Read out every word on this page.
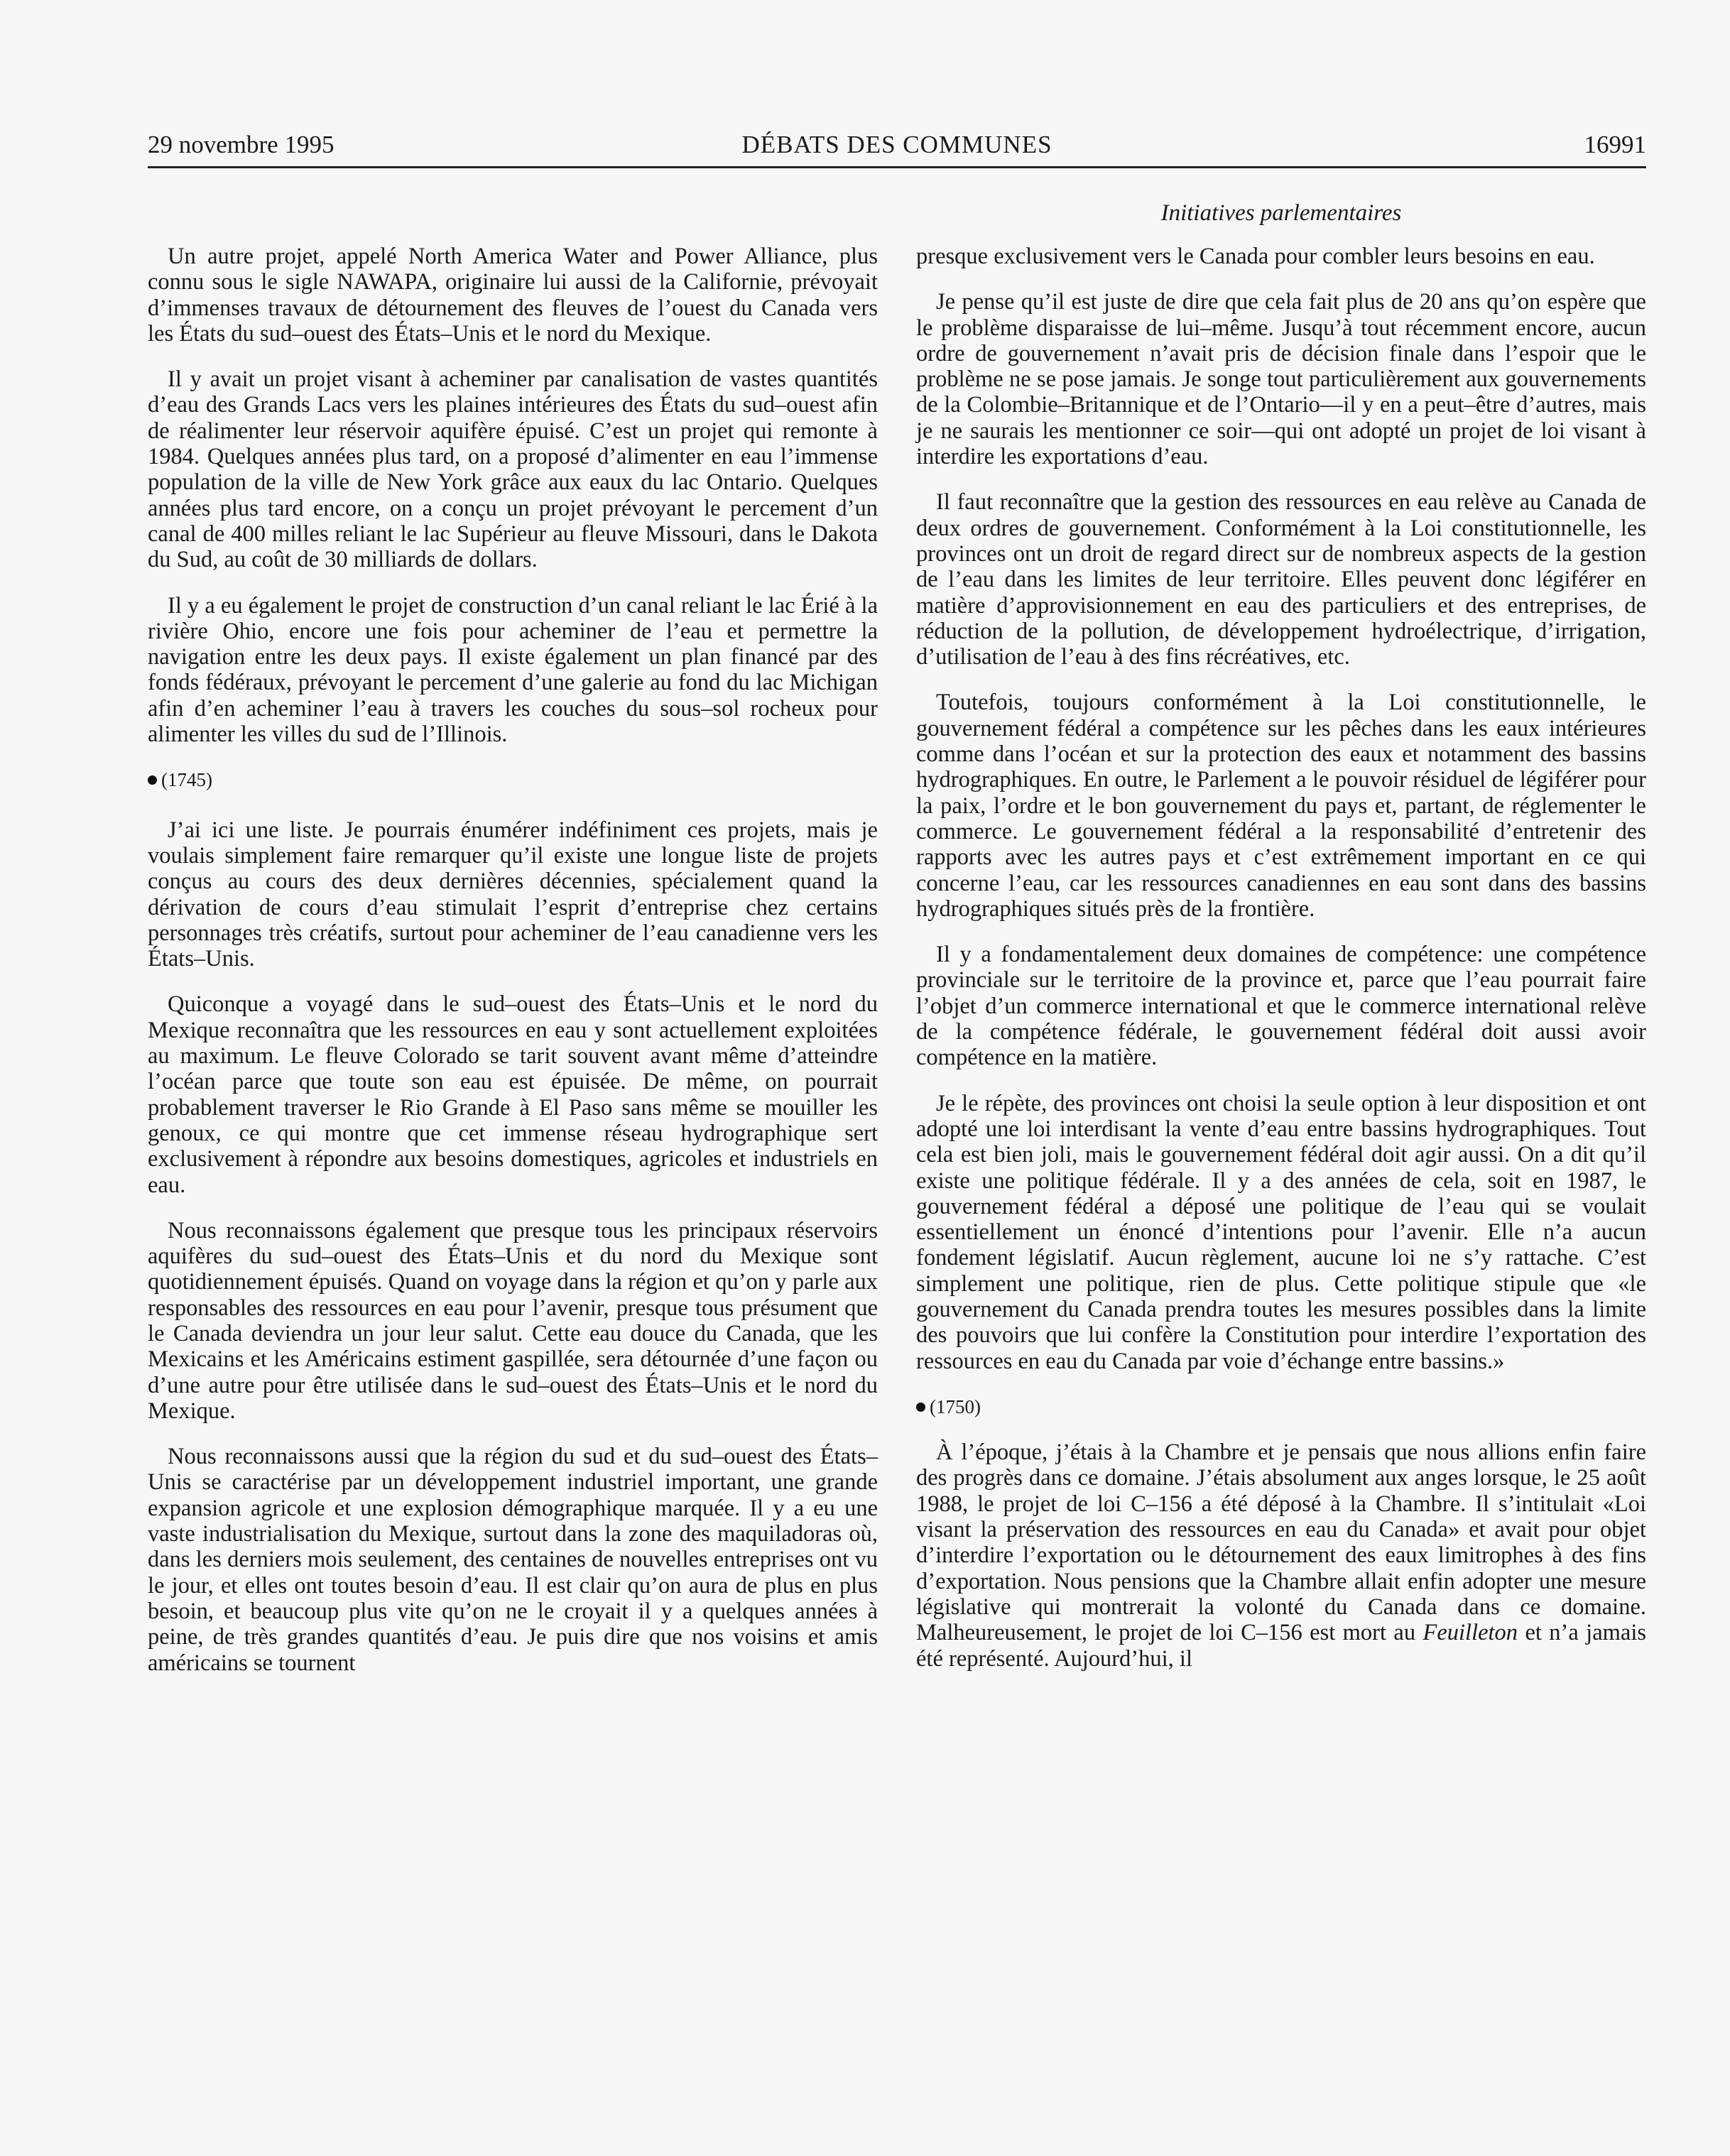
29 novembre 1995	DÉBATS DES COMMUNES	16991
Initiatives parlementaires

Un autre projet, appelé North America Water and Power Alliance, plus connu sous le sigle NAWAPA, originaire lui aussi de la Californie, prévoyait d’immenses travaux de détournement des fleuves de l’ouest du Canada vers les États du sud–ouest des États–Unis et le nord du Mexique.

Il y avait un projet visant à acheminer par canalisation de vastes quantités d’eau des Grands Lacs vers les plaines intérieures des États du sud–ouest afin de réalimenter leur réservoir aquifère épuisé. C’est un projet qui remonte à 1984. Quelques années plus tard, on a proposé d’alimenter en eau l’immense population de la ville de New York grâce aux eaux du lac Ontario. Quelques années plus tard encore, on a conçu un projet prévoyant le percement d’un canal de 400 milles reliant le lac Supérieur au fleuve Missouri, dans le Dakota du Sud, au coût de 30 milliards de dollars.

Il y a eu également le projet de construction d’un canal reliant le lac Érié à la rivière Ohio, encore une fois pour acheminer de l’eau et permettre la navigation entre les deux pays. Il existe également un plan financé par des fonds fédéraux, prévoyant le percement d’une galerie au fond du lac Michigan afin d’en acheminer l’eau à travers les couches du sous–sol rocheux pour alimenter les villes du sud de l’Illinois.

(1745)

J’ai ici une liste. Je pourrais énumérer indéfiniment ces projets, mais je voulais simplement faire remarquer qu’il existe une longue liste de projets conçus au cours des deux dernières décennies, spécialement quand la dérivation de cours d’eau stimulait l’esprit d’entreprise chez certains personnages très créatifs, surtout pour acheminer de l’eau canadienne vers les États–Unis.

Quiconque a voyagé dans le sud–ouest des États–Unis et le nord du Mexique reconnaîtra que les ressources en eau y sont actuellement exploitées au maximum. Le fleuve Colorado se tarit souvent avant même d’atteindre l’océan parce que toute son eau est épuisée. De même, on pourrait probablement traverser le Rio Grande à El Paso sans même se mouiller les genoux, ce qui montre que cet immense réseau hydrographique sert exclusivement à répondre aux besoins domestiques, agricoles et industriels en eau.

Nous reconnaissons également que presque tous les principaux réservoirs aquifères du sud–ouest des États–Unis et du nord du Mexique sont quotidiennement épuisés. Quand on voyage dans la région et qu’on y parle aux responsables des ressources en eau pour l’avenir, presque tous présument que le Canada deviendra un jour leur salut. Cette eau douce du Canada, que les Mexicains et les Américains estiment gaspillée, sera détournée d’une façon ou d’une autre pour être utilisée dans le sud–ouest des États–Unis et le nord du Mexique.

Nous reconnaissons aussi que la région du sud et du sud–ouest des États–Unis se caractérise par un développement industriel important, une grande expansion agricole et une explosion démographique marquée. Il y a eu une vaste industrialisation du Mexique, surtout dans la zone des maquiladoras où, dans les derniers mois seulement, des centaines de nouvelles entreprises ont vu le jour, et elles ont toutes besoin d’eau. Il est clair qu’on aura de plus en plus besoin, et beaucoup plus vite qu’on ne le croyait il y a quelques années à peine, de très grandes quantités d’eau. Je puis dire que nos voisins et amis américains se tournent

presque exclusivement vers le Canada pour combler leurs besoins en eau.

Je pense qu’il est juste de dire que cela fait plus de 20 ans qu’on espère que le problème disparaisse de lui–même. Jusqu’à tout récemment encore, aucun ordre de gouvernement n’avait pris de décision finale dans l’espoir que le problème ne se pose jamais. Je songe tout particulièrement aux gouvernements de la Colombie–Britannique et de l’Ontario—il y en a peut–être d’autres, mais je ne saurais les mentionner ce soir—qui ont adopté un projet de loi visant à interdire les exportations d’eau.

Il faut reconnaître que la gestion des ressources en eau relève au Canada de deux ordres de gouvernement. Conformément à la Loi constitutionnelle, les provinces ont un droit de regard direct sur de nombreux aspects de la gestion de l’eau dans les limites de leur territoire. Elles peuvent donc légiférer en matière d’approvisionnement en eau des particuliers et des entreprises, de réduction de la pollution, de développement hydroélectrique, d’irrigation, d’utilisation de l’eau à des fins récréatives, etc.

Toutefois, toujours conformément à la Loi constitutionnelle, le gouvernement fédéral a compétence sur les pêches dans les eaux intérieures comme dans l’océan et sur la protection des eaux et notamment des bassins hydrographiques. En outre, le Parlement a le pouvoir résiduel de légiférer pour la paix, l’ordre et le bon gouvernement du pays et, partant, de réglementer le commerce. Le gouvernement fédéral a la responsabilité d’entretenir des rapports avec les autres pays et c’est extrêmement important en ce qui concerne l’eau, car les ressources canadiennes en eau sont dans des bassins hydrographiques situés près de la frontière.

Il y a fondamentalement deux domaines de compétence: une compétence provinciale sur le territoire de la province et, parce que l’eau pourrait faire l’objet d’un commerce international et que le commerce international relève de la compétence fédérale, le gouvernement fédéral doit aussi avoir compétence en la matière.

Je le répète, des provinces ont choisi la seule option à leur disposition et ont adopté une loi interdisant la vente d’eau entre bassins hydrographiques. Tout cela est bien joli, mais le gouvernement fédéral doit agir aussi. On a dit qu’il existe une politique fédérale. Il y a des années de cela, soit en 1987, le gouvernement fédéral a déposé une politique de l’eau qui se voulait essentiellement un énoncé d’intentions pour l’avenir. Elle n’a aucun fondement législatif. Aucun règlement, aucune loi ne s’y rattache. C’est simplement une politique, rien de plus. Cette politique stipule que «le gouvernement du Canada prendra toutes les mesures possibles dans la limite des pouvoirs que lui confère la Constitution pour interdire l’exportation des ressources en eau du Canada par voie d’échange entre bassins.»

(1750)

À l’époque, j’étais à la Chambre et je pensais que nous allions enfin faire des progrès dans ce domaine. J’étais absolument aux anges lorsque, le 25 août 1988, le projet de loi C–156 a été déposé à la Chambre. Il s’intitulait «Loi visant la préservation des ressources en eau du Canada» et avait pour objet d’interdire l’exportation ou le détournement des eaux limitrophes à des fins d’exportation. Nous pensions que la Chambre allait enfin adopter une mesure législative qui montrerait la volonté du Canada dans ce domaine. Malheureusement, le projet de loi C–156 est mort au Feuilleton et n’a jamais été représenté. Aujourd’hui, il
